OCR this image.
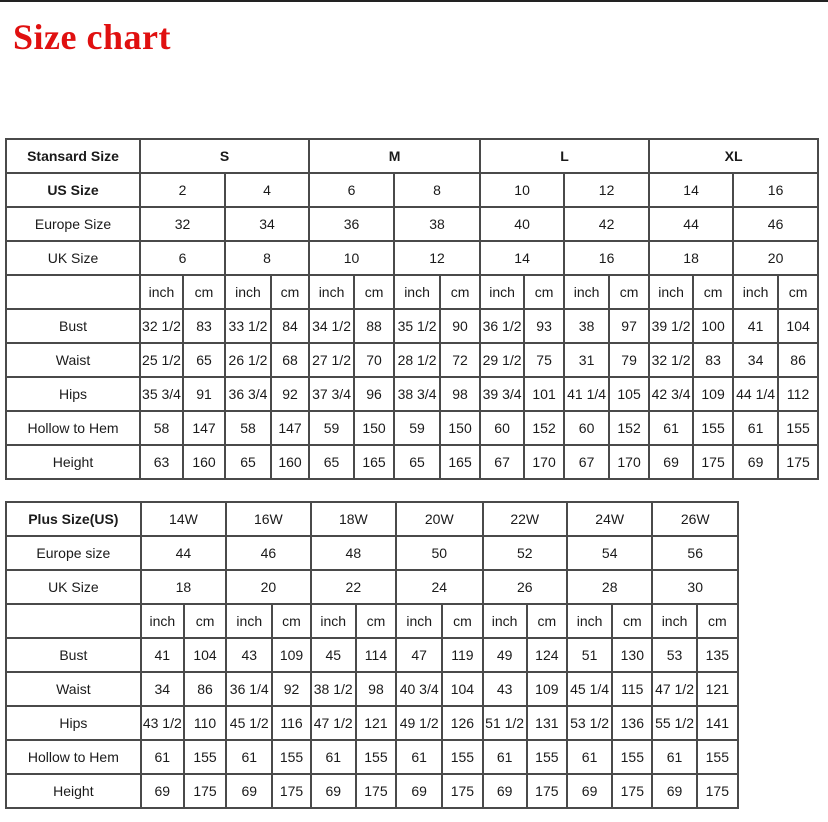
Size chart
Stansard Size	S				M				L				XL			
US Size	2		4		6		8		10		12		14		16	
Europe Size	32		34		36		38		40		42		44		46	
UK Size	6		8		10		12		14		16		18		20	
	inch	cm	inch	cm	inch	cm	inch	cm	inch	cm	inch	cm	inch	cm	inch	cm
Bust	32 1/2	83	33 1/2	84	34 1/2	88	35 1/2	90	36 1/2	93	38	97	39 1/2	100	41	104
Waist	25 1/2	65	26 1/2	68	27 1/2	70	28 1/2	72	29 1/2	75	31	79	32 1/2	83	34	86
Hips	35 3/4	91	36 3/4	92	37 3/4	96	38 3/4	98	39 3/4	101	41 1/4	105	42 3/4	109	44 1/4	112
Hollow to Hem	58	147	58	147	59	150	59	150	60	152	60	152	61	155	61	155
Height	63	160	65	160	65	165	65	165	67	170	67	170	69	175	69	175
Plus Size(US)	14W		16W		18W		20W		22W		24W		26W	
Europe size	44		46		48		50		52		54		56	
UK Size	18		20		22		24		26		28		30	
	inch	cm	inch	cm	inch	cm	inch	cm	inch	cm	inch	cm	inch	cm
Bust	41	104	43	109	45	114	47	119	49	124	51	130	53	135
Waist	34	86	36 1/4	92	38 1/2	98	40 3/4	104	43	109	45 1/4	115	47 1/2	121
Hips	43 1/2	110	45 1/2	116	47 1/2	121	49 1/2	126	51 1/2	131	53 1/2	136	55 1/2	141
Hollow to Hem	61	155	61	155	61	155	61	155	61	155	61	155	61	155
Height	69	175	69	175	69	175	69	175	69	175	69	175	69	175
